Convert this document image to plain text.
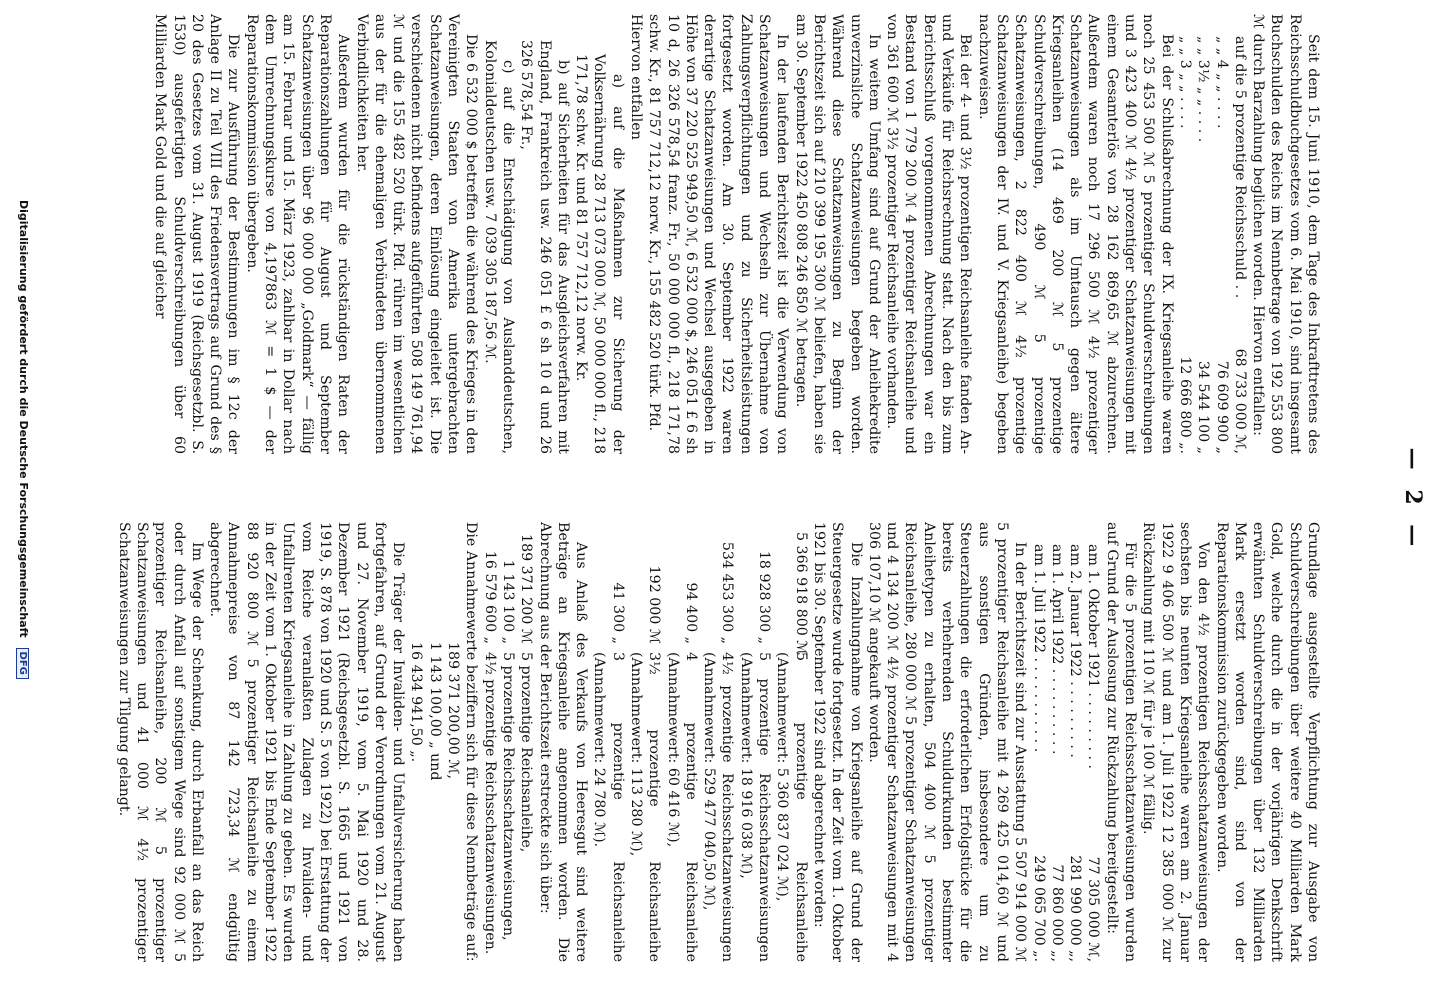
— 2 —

Seit dem 15. Juni 1910, dem Tage des Inkrafttretens des Reichsschuldbuchgesetzes vom 6. Mai 1910, sind insgesamt Buchschulden des Reichs im Nennbetrage von 192 553 800 ℳ durch Barzahlung beglichen worden. Hiervon entfallen:

auf die 5 prozentige Reichsschuld . .
68 733 000 ℳ,
„ „ 4 „ „ . . . .
76 609 900 „
„ „ 3½ „ „ . . . .
34 544 100 „
„ „ 3 „ „ . . . .
12 666 800 „.

Bei der Schlußabrechnung der IX. Kriegsanleihe waren noch 25 453 500 ℳ 5 prozentiger Schuldverschreibungen und 3 423 400 ℳ 4½ prozentiger Schatzanweisungen mit einem Gesamterlös von 28 162 869,65 ℳ abzurechnen. Außerdem waren noch 17 296 500 ℳ 4½ prozentiger Schatzanweisungen als im Umtausch gegen ältere Kriegsanleihen (14 469 200 ℳ 5 prozentige Schuldverschreibungen, 490 ℳ 5 prozentige Schatzanweisungen, 2 822 400 ℳ 4½ prozentige Schatzanweisungen der IV. und V. Kriegsanleihe) begeben nachzuweisen.

Bei der 4- und 3½ prozentigen Reichsanleihe fanden An- und Verkäufe für Reichsrechnung statt. Nach den bis zum Berichtsschluß vorgenommenen Abrechnungen war ein Bestand von 1 779 200 ℳ 4 prozentiger Reichsanleihe und von 361 600 ℳ 3½ prozentiger Reichsanleihe vorhanden.

In weitem Umfang sind auf Grund der Anleihekredite unverzinsliche Schatzanweisungen begeben worden. Während diese Schatzanweisungen zu Beginn der Berichtszeit sich auf 210 399 195 300 ℳ beliefen, haben sie am 30. September 1922 450 808 246 850 ℳ betragen.

In der laufenden Berichtszeit ist die Verwendung von Schatzanweisungen und Wechseln zur Übernahme von Zahlungsverpflichtungen und zu Sicherheitsleistungen fortgesetzt worden. Am 30. September 1922 waren derartige Schatzanweisungen und Wechsel ausgegeben in Höhe von 37 220 525 949,50 ℳ, 6 532 000 $, 246 051 £ 6 sh 10 d, 26 326 578,54 franz. Fr., 50 000 000 fl., 218 171,78 schw. Kr., 81 757 712,12 norw. Kr., 155 482 520 türk. Pfd.

Hiervon entfallen

a) auf die Maßnahmen zur Sicherung der Volksernährung 28 713 073 000 ℳ, 50 000 000 fl., 218 171,78 schw. Kr. und 81 757 712,12 norw. Kr.

b) auf Sicherheiten für das Ausgleichsverfahren mit England, Frankreich usw. 246 051 £ 6 sh 10 d und 26 326 578,54 Fr.,

c) auf die Entschädigung von Auslanddeutschen, Kolonialdeutschen usw. 7 039 305 187,56 ℳ.

Die 6 532 000 $ betreffen die während des Krieges in den Vereinigten Staaten von Amerika untergebrachten Schatzanweisungen, deren Einlösung eingeleitet ist. Die verschiedenen nicht befindens aufgeführten 508 149 761,94 ℳ und die 155 482 520 türk. Pfd. rühren im wesentlichen aus der für die ehemaligen Verbündeten übernommenen Verbindlichkeiten her.

Außerdem wurden für die rückständigen Raten der Reparationszahlungen für August und September Schatzanweisungen über 96 000 000 „Goldmark“ — fällig am 15. Februar und 15. März 1923, zahlbar in Dollar nach dem Umrechnungskurse von 4,197863 ℳ = 1 $ — der Reparationskommission übergeben.

Die zur Ausführung der Bestimmungen im § 12c der Anlage II zu Teil VIII des Friedensvertrags auf Grund des § 20 des Gesetzes vom 31. August 1919 (Reichsgesetzbl. S. 1530) ausgefertigten Schuldverschreibungen über 60 Milliarden Mark Gold und die auf gleicher

Grundlage ausgestellte Verpflichtung zur Ausgabe von Schuldverschreibungen über weitere 40 Milliarden Mark Gold, welche durch die in der vorjährigen Denkschrift erwähnten Schuldverschreibungen über 132 Milliarden Mark ersetzt worden sind, sind von der Reparationskommission zurückgegeben worden.

Von den 4½ prozentigen Reichsschatzanweisungen der sechsten bis neunten Kriegsanleihe waren am 2. Januar 1922 9 406 500 ℳ und am 1. Juli 1922 12 385 000 ℳ zur Rückzahlung mit 110 ℳ für je 100 ℳ fällig.

Für die 5 prozentigen Reichsschatzanweisungen wurden auf Grund der Auslosung zur Rückzahlung bereitgestellt:

am 1. Oktober 1921 . . . . . . . . .
77 305 000 ℳ,
am 2. Januar 1922 . . . . . . . . .
281 990 000 „,
am 1. April 1922 . . . . . . . . . .
77 860 000 „,
am 1. Juli 1922 . . . . . . . . . . .
249 065 700 „.

In der Berichtszeit sind zur Ausstattung 5 507 914 000 ℳ 5 prozentiger Reichsanleihe mit 4 269 425 014,60 ℳ und aus sonstigen Gründen, insbesondere um zu Steuerzahlungen die erforderlichen Erfolgstücke für die bereits verhehrenden Schuldurkunden bestimmter Anleihetypen zu erhalten, 504 400 ℳ 5 prozentiger Reichsanleihe, 280 000 ℳ 5 prozentiger Schatzanweisungen und 4 134 200 ℳ 4½ prozentiger Schatzanweisungen mit 4 306 107,10 ℳ angekauft worden.

Die Inzahlungnahme von Kriegsanleihe auf Grund der Steuergesetze wurde fortgesetzt. In der Zeit vom 1. Oktober 1921 bis 30. September 1922 sind abgerechnet worden:

5 366 918 800 ℳ
5 prozentige Reichsanleihe (Annahmewert: 5 360 837 024 ℳ),
18 928 300 „
5 prozentige Reichsschatzanweisungen (Annahmewert: 18 916 038 ℳ),
534 453 300 „
4½ prozentige Reichsschatzanweisungen (Annahmewert: 529 477 040,50 ℳ),
94 400 „
4 prozentige Reichsanleihe (Annahmewert: 60 416 ℳ),
192 000 ℳ
3½ prozentige Reichsanleihe (Annahmewert: 113 280 ℳ),
41 300 „
3 prozentige Reichsanleihe (Annahmewert: 24 780 ℳ).

Aus Anlaß des Verkaufs von Heeresgut sind weitere Beträge an Kriegsanleihe angenommen worden. Die Abrechnung aus der Berichtszeit erstreckte sich über:

189 371 200 ℳ
5 prozentige Reichsanleihe,
1 143 100 „
5 prozentige Reichsschatzanweisungen,
16 579 600 „
4½ prozentige Reichsschatzanweisungen.

Die Annahmewerte beziffern sich für diese Nennbeträge auf:

189 371 200,00 ℳ,
1 143 100,00 „ und
16 434 941,50 „.

Die Träger der Invaliden- und Unfallversicherung haben fortgefahren, auf Grund der Verordnungen vom 21. August und 27. November 1919, vom 5. Mai 1920 und 28. Dezember 1921 (Reichsgesetzbl. S. 1665 und 1921 von 1919, S. 878 von 1920 und S. 5 von 1922) bei Erstattung der vom Reiche veranlaßten Zulagen zu Invaliden- und Unfallrenten Kriegsanleihe in Zahlung zu geben. Es wurden in der Zeit vom 1. Oktober 1921 bis Ende September 1922 88 920 800 ℳ 5 prozentiger Reichsanleihe zu einem Annahmepreise von 87 142 723,34 ℳ endgültig abgerechnet.

Im Wege der Schenkung, durch Erbanfall an das Reich oder durch Anfall auf sonstigem Wege sind 92 000 ℳ 5 prozentiger Reichsanleihe, 200 ℳ 5 prozentiger Schatzanweisungen und 41 000 ℳ 4½ prozentiger Schatzanweisungen zur Tilgung gelangt.

Digitalisierung gefördert durch die Deutsche Forschungsgemeinschaft DFG
